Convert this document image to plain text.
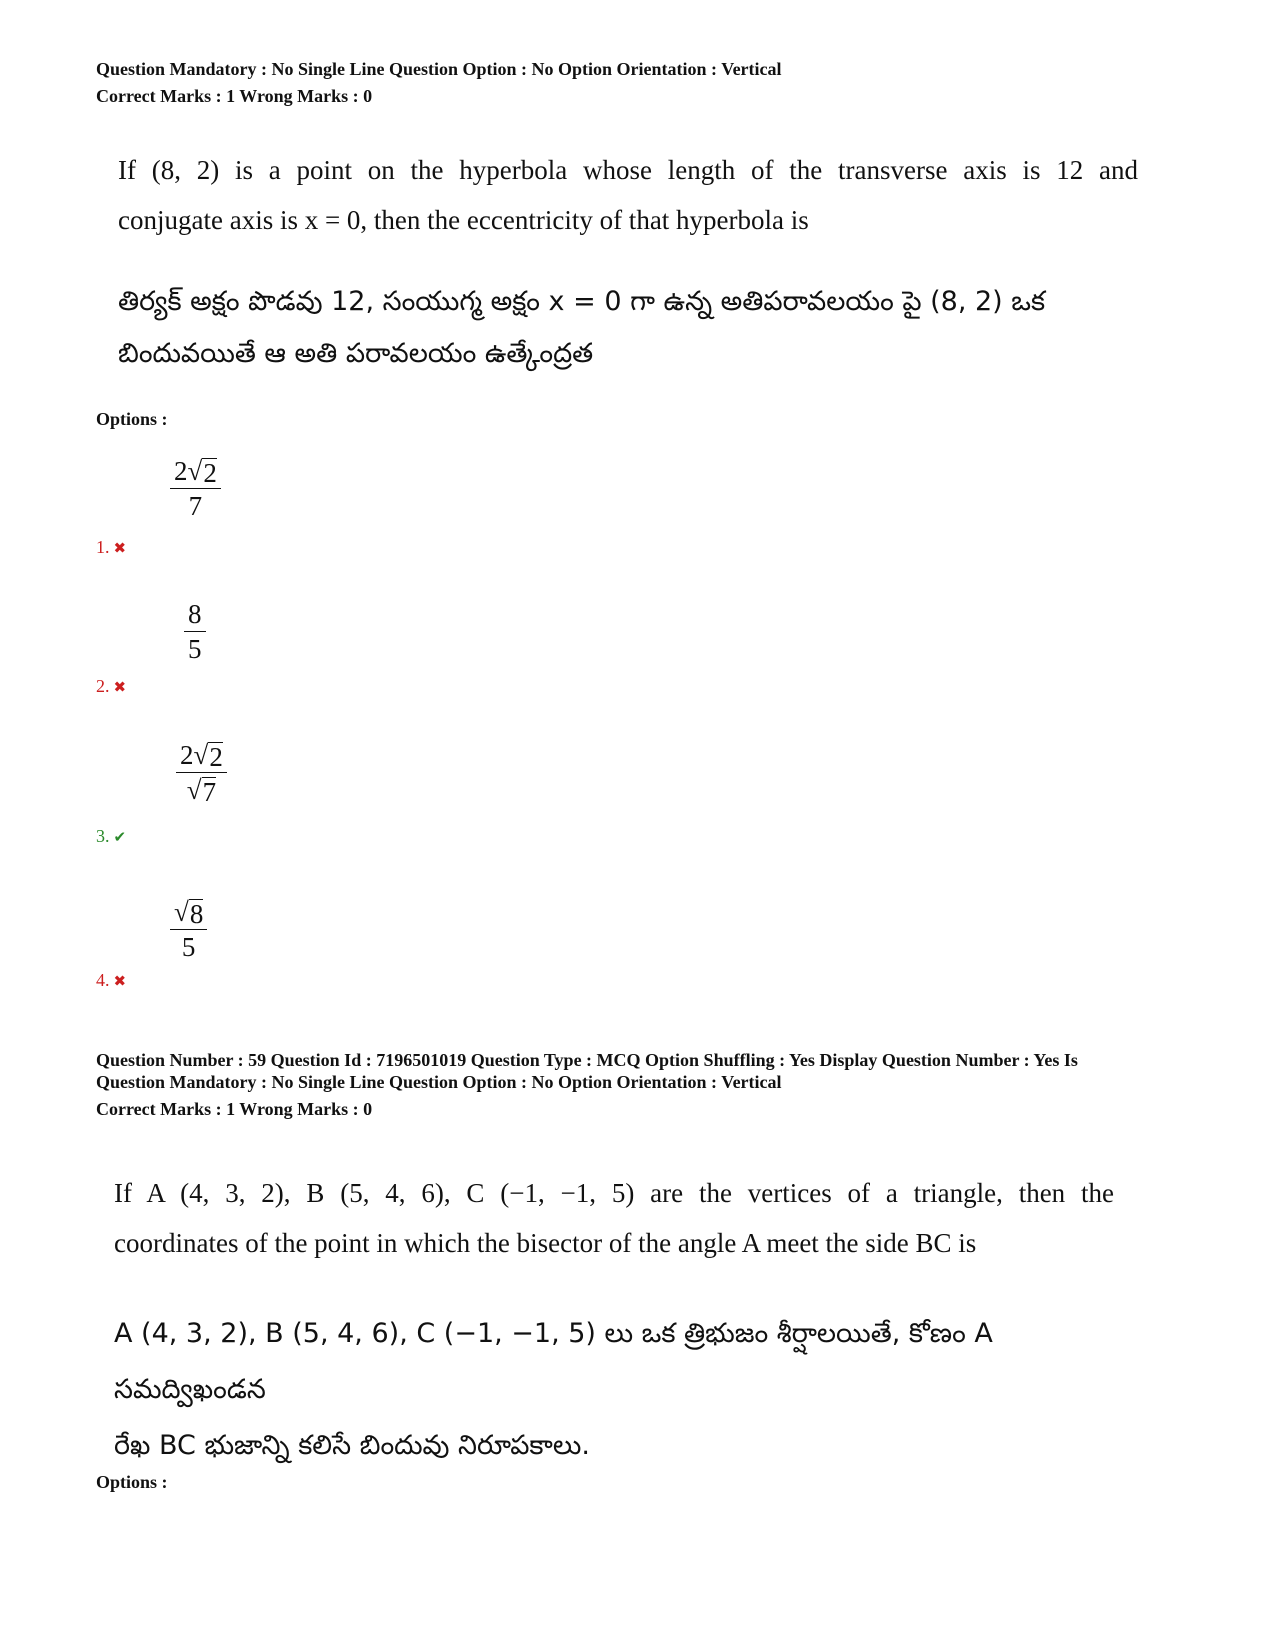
Question Mandatory : No Single Line Question Option : No Option Orientation : Vertical
Correct Marks : 1 Wrong Marks : 0
If (8, 2) is a point on the hyperbola whose length of the transverse axis is 12 and
conjugate axis is x = 0, then the eccentricity of that hyperbola is
తిర్యక్ అక్షం పొడవు 12, సంయుగ్మ అక్షం x = 0 గా ఉన్న అతిపరావలయం పై (8, 2) ఒక
బిందువయితే ఆ అతి పరావలయం ఉత్కేంద్రత
Options :
$\frac{2 √ 2}{7}$
1. ✖
$\frac{8}{5}$
2. ✖
$\frac{2 √ 2}{√ 7}$
3. ✔
$\frac{√ 8}{5}$
4. ✖
Question Number : 59 Question Id : 7196501019 Question Type : MCQ Option Shuffling : Yes Display Question Number : Yes Is
Question Mandatory : No Single Line Question Option : No Option Orientation : Vertical
Correct Marks : 1 Wrong Marks : 0
If A (4, 3, 2), B (5, 4, 6), C (−1, −1, 5) are the vertices of a triangle, then the
coordinates of the point in which the bisector of the angle A meet the side BC is
A (4, 3, 2), B (5, 4, 6), C (−1, −1, 5) లు ఒక త్రిభుజం శీర్షాలయితే, కోణం A సమద్విఖండన
రేఖ BC భుజాన్ని కలిసే బిందువు నిరూపకాలు.
Options :
